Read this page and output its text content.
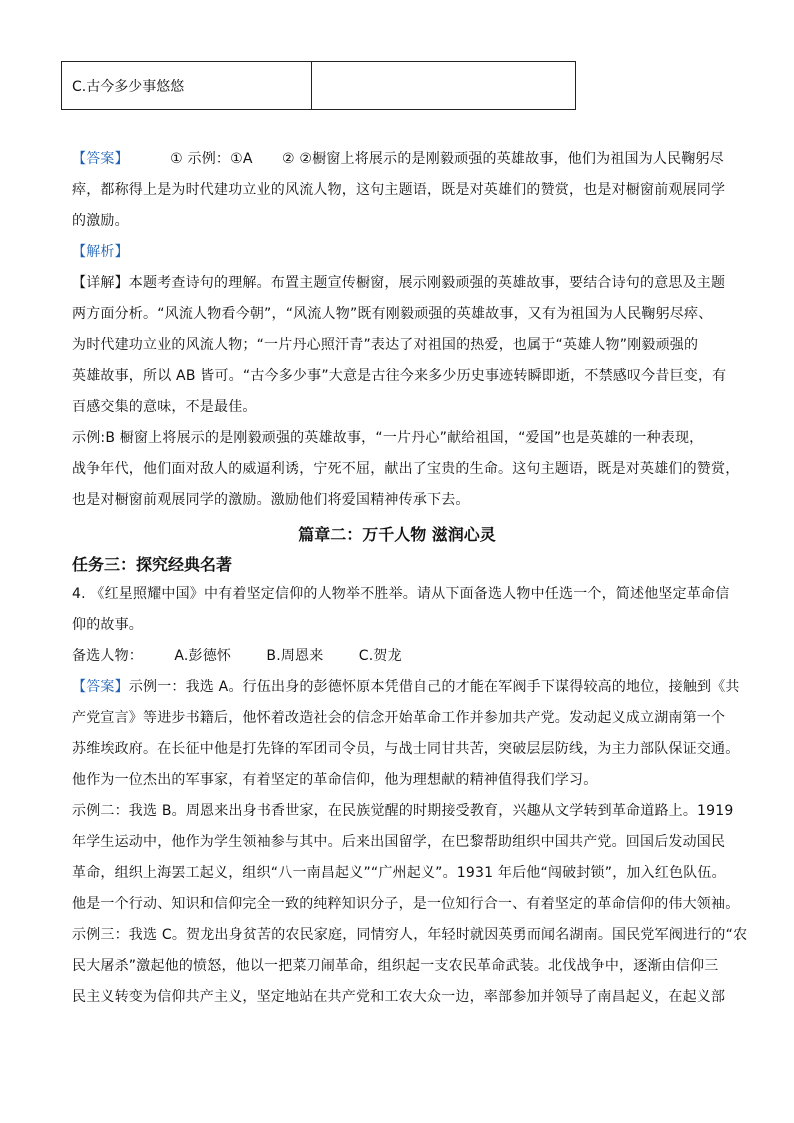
C.古今多少事悠悠
【答案】	① 示例：①A ② ②橱窗上将展示的是刚毅顽强的英雄故事，他们为祖国为人民鞠躬尽
瘁，都称得上是为时代建功立业的风流人物，这句主题语，既是对英雄们的赞赏，也是对橱窗前观展同学
的激励。
【解析】
【详解】本题考查诗句的理解。布置主题宣传橱窗，展示刚毅顽强的英雄故事，要结合诗句的意思及主题
两方面分析。“风流人物看今朝”，“风流人物”既有刚毅顽强的英雄故事，又有为祖国为人民鞠躬尽瘁、
为时代建功立业的风流人物；“一片丹心照汗青”表达了对祖国的热爱，也属于“英雄人物”刚毅顽强的
英雄故事，所以 AB 皆可。“古今多少事”大意是古往今来多少历史事迹转瞬即逝，不禁感叹今昔巨变，有
百感交集的意味，不是最佳。
示例:B 橱窗上将展示的是刚毅顽强的英雄故事，“一片丹心”献给祖国，“爱国”也是英雄的一种表现，
战争年代，他们面对敌人的威逼利诱，宁死不屈，献出了宝贵的生命。这句主题语，既是对英雄们的赞赏，
也是对橱窗前观展同学的激励。激励他们将爱国精神传承下去。
篇章二：万千人物 滋润心灵
任务三：探究经典名著
4. 《红星照耀中国》中有着坚定信仰的人物举不胜举。请从下面备选人物中任选一个，简述他坚定革命信
仰的故事。
备选人物： A.彭德怀	B.周恩来	C.贺龙
【答案】示例一：我选 A。行伍出身的彭德怀原本凭借自己的才能在军阀手下谋得较高的地位，接触到《共
产党宣言》等进步书籍后，他怀着改造社会的信念开始革命工作并参加共产党。发动起义成立湖南第一个
苏维埃政府。在长征中他是打先锋的军团司令员，与战士同甘共苦，突破层层防线，为主力部队保证交通。
他作为一位杰出的军事家，有着坚定的革命信仰，他为理想献的精神值得我们学习。
示例二：我选 B。周恩来出身书香世家，在民族觉醒的时期接受教育，兴趣从文学转到革命道路上。1919
年学生运动中，他作为学生领袖参与其中。后来出国留学，在巴黎帮助组织中国共产党。回国后发动国民
革命，组织上海罢工起义，组织“八一南昌起义”“广州起义”。1931 年后他“闯破封锁”，加入红色队伍。
他是一个行动、知识和信仰完全一致的纯粹知识分子，是一位知行合一、有着坚定的革命信仰的伟大领袖。
示例三：我选 C。贺龙出身贫苦的农民家庭，同情穷人，年轻时就因英勇而闻名湖南。国民党军阀进行的“农
民大屠杀”激起他的愤怒，他以一把菜刀闹革命，组织起一支农民革命武装。北伐战争中，逐渐由信仰三
民主义转变为信仰共产主义，坚定地站在共产党和工农大众一边，率部参加并领导了南昌起义，在起义部
